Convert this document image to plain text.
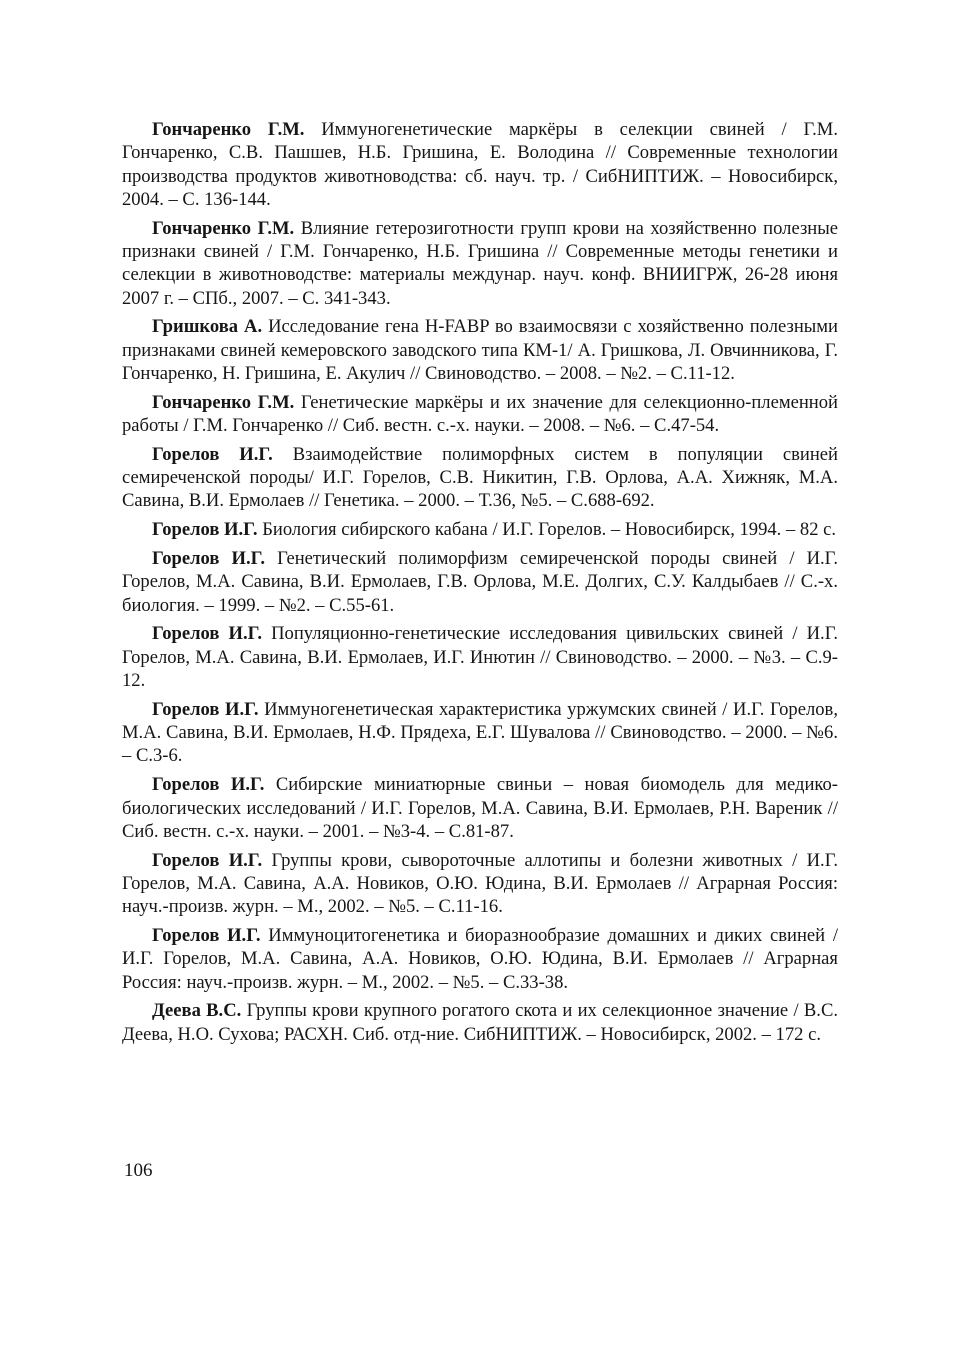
Гончаренко Г.М. Иммуногенетические маркёры в селекции свиней / Г.М. Гончаренко, С.В. Пашшев, Н.Б. Гришина, Е. Володина // Современные технологии производства продуктов животноводства: сб. науч. тр. / СибНИПТИЖ. – Новосибирск, 2004. – С. 136-144.

Гончаренко Г.М. Влияние гетерозиготности групп крови на хозяйственно полезные признаки свиней / Г.М. Гончаренко, Н.Б. Гришина // Современные методы генетики и селекции в животноводстве: материалы междунар. науч. конф. ВНИИГРЖ, 26-28 июня 2007 г. – СПб., 2007. – С. 341-343.

Гришкова А. Исследование гена H-FABP во взаимосвязи с хозяйственно полезными признаками свиней кемеровского заводского типа КМ-1/ А. Гришкова, Л. Овчинникова, Г. Гончаренко, Н. Гришина, Е. Акулич // Свиноводство. – 2008. – №2. – С.11-12.

Гончаренко Г.М. Генетические маркёры и их значение для селекционно-племенной работы / Г.М. Гончаренко // Сиб. вестн. с.-х. науки. – 2008. – №6. – С.47-54.

Горелов И.Г. Взаимодействие полиморфных систем в популяции свиней семиреченской породы/ И.Г. Горелов, С.В. Никитин, Г.В. Орлова, А.А. Хижняк, М.А. Савина, В.И. Ермолаев // Генетика. – 2000. – Т.36, №5. – С.688-692.

Горелов И.Г. Биология сибирского кабана / И.Г. Горелов. – Новосибирск, 1994. – 82 с.

Горелов И.Г. Генетический полиморфизм семиреченской породы свиней / И.Г. Горелов, М.А. Савина, В.И. Ермолаев, Г.В. Орлова, М.Е. Долгих, С.У. Калдыбаев // С.-х. биология. – 1999. – №2. – С.55-61.

Горелов И.Г. Популяционно-генетические исследования цивильских свиней / И.Г. Горелов, М.А. Савина, В.И. Ермолаев, И.Г. Инютин // Свиноводство. – 2000. – №3. – С.9-12.

Горелов И.Г. Иммуногенетическая характеристика уржумских свиней / И.Г. Горелов, М.А. Савина, В.И. Ермолаев, Н.Ф. Прядеха, Е.Г. Шувалова // Свиноводство. – 2000. – №6. – С.3-6.

Горелов И.Г. Сибирские миниатюрные свиньи – новая биомодель для медико-биологических исследований / И.Г. Горелов, М.А. Савина, В.И. Ермолаев, Р.Н. Вареник // Сиб. вестн. с.-х. науки. – 2001. – №3-4. – С.81-87.

Горелов И.Г. Группы крови, сывороточные аллотипы и болезни животных / И.Г. Горелов, М.А. Савина, А.А. Новиков, О.Ю. Юдина, В.И. Ермолаев // Аграрная Россия: науч.-произв. журн. – М., 2002. – №5. – С.11-16.

Горелов И.Г. Иммуноцитогенетика и биоразнообразие домашних и диких свиней / И.Г. Горелов, М.А. Савина, А.А. Новиков, О.Ю. Юдина, В.И. Ермолаев // Аграрная Россия: науч.-произв. журн. – М., 2002. – №5. – С.33-38.

Деева В.С. Группы крови крупного рогатого скота и их селекционное значение / В.С. Деева, Н.О. Сухова; РАСХН. Сиб. отд-ние. СибНИПТИЖ. – Новосибирск, 2002. – 172 с.

106
